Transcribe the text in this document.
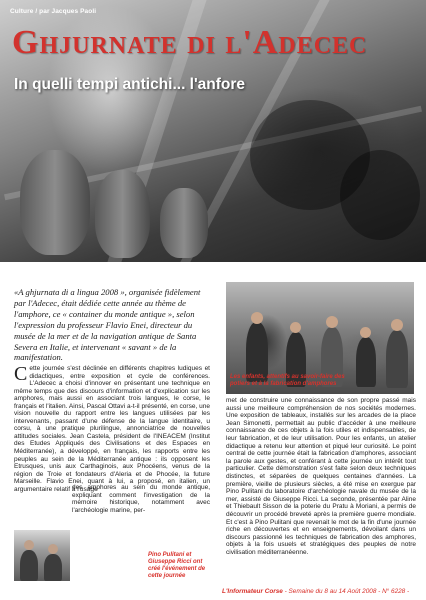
Culture / par Jacques Paoli
Ghjurnate di l'Adecec
In quelli tempi antichi... l'anfore
«A ghjurnata di a lingua 2008 », organisée fidèlement par l'Adecec, était dédiée cette année au thème de l'amphore, ce « container du monde antique », selon l'expression du professeur Flavio Enei, directeur du musée de la mer et de la navigation antique de Santa Severa en Italie, et intervenant « savant » de la manifestation.
Les enfants, attentifs au savoir-faire des potiers et à la fabrication d'amphores
Cette journée s'est déclinée en différents chapitres ludiques et didactiques, entre exposition et cycle de conférences. L'Adecec a choisi d'innover en présentant une technique en même temps que des discours d'information et d'explication sur les amphores, mais aussi en associant trois langues, le corse, le français et l'italien. Ainsi, Pascal Ottavi a-t-il présenté, en corse, une vision nouvelle du rapport entre les langues utilisées par les intervenants, passant d'une défense de la langue identitaire, u corsu, à une pratique plurilingue, annonciatrice de nouvelles attitudes sociales. Jean Castela, président de l'INEACEM (Institut des Etudes Appliqués des Civilisations et des Espaces en Méditerranée), a développé, en français, les rapports entre les peuples au sein de la Méditerranée antique : ils opposent les Etrusques, unis aux Carthaginois, aux Phocéens, venus de la région de Troie et fondateurs d'Aleria et de Phocée, la future Marseille. Flavio Enei, quant à lui, a proposé, en italien, un argumentaire relatif à l'usage
des amphores au sein du monde antique, expliquant comment l'investigation de la mémoire historique, notamment avec l'archéologie marine, per-
Pino Pulitani et Giuseppe Ricci ont créé l'événement de cette journée
met de construire une connaissance de son propre passé mais aussi une meilleure compréhension de nos sociétés modernes. Une exposition de tableaux, installés sur les arcades de la place Jean Simonetti, permettait au public d'accéder à une meilleure connaissance de ces objets à la fois utiles et indispensables, de leur fabrication, et de leur utilisation. Pour les enfants, un atelier didactique a retenu leur attention et piqué leur curiosité. Le point central de cette journée était la fabrication d'amphores, associant la parole aux gestes, et conférant à cette journée un intérêt tout particulier. Cette démonstration s'est faite selon deux techniques distinctes, et séparées de quelques centaines d'années. La première, vieille de plusieurs siècles, a été mise en exergue par Pino Pulitani du laboratoire d'archéologie navale du musée de la mer, assisté de Giuseppe Ricci. La seconde, présentée par Aline et Thiebault Sisson de la poterie du Pratu à Moriani, a permis de découvrir un procédé breveté après la première guerre mondiale. Et c'est à Pino Pulitani que revenait le mot de la fin d'une journée riche en découvertes et en enseignements, dévoilant dans un discours passionné les techniques de fabrication des amphores, objets à la fois usuels et stratégiques des peuples de notre civilisation méditerranéenne.
L'Informateur Corse - Semaine du 8 au 14 Août 2008 - N° 6228 -
